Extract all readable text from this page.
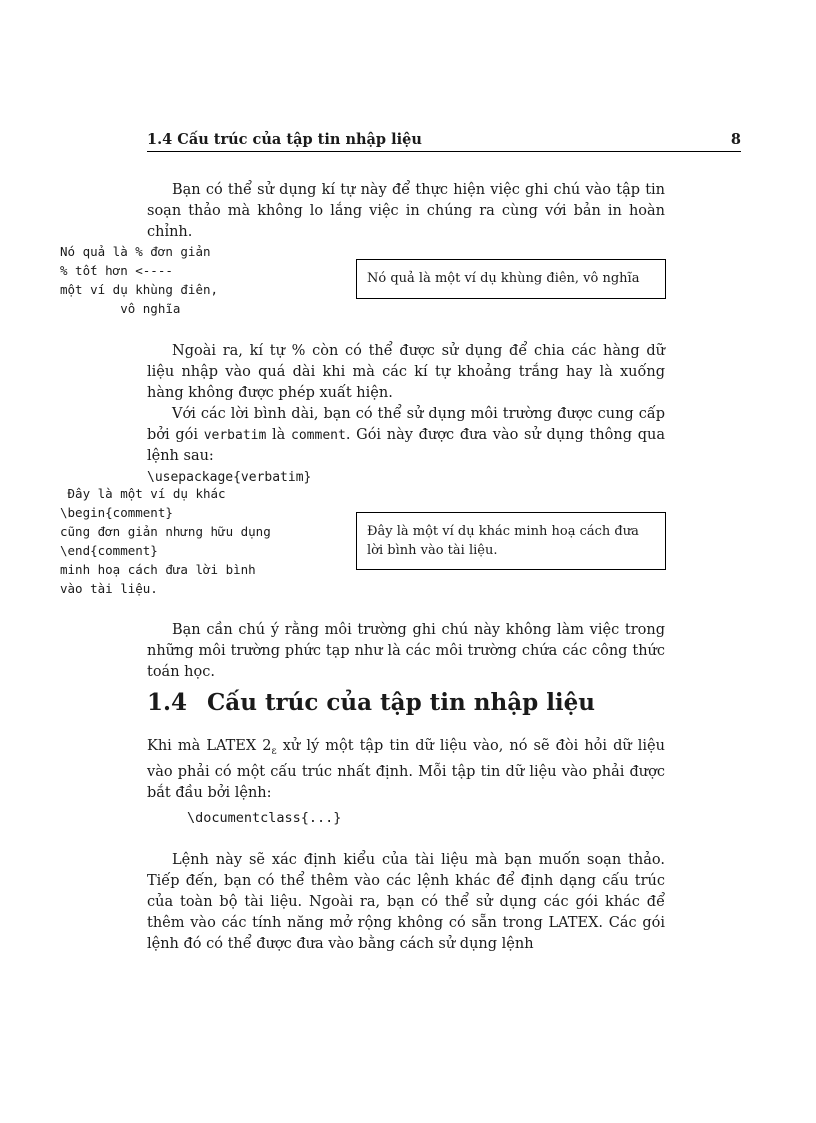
1.4 Cấu trúc của tập tin nhập liệu	8
Bạn có thể sử dụng kí tự này để thực hiện việc ghi chú vào tập tin soạn thảo mà không lo lắng việc in chúng ra cùng với bản in hoàn chỉnh.
Nó quả là % đơn giản
% tốt hơn <----
một ví dụ khùng điên,
vô nghĩa
Nó quả là một ví dụ khùng điên, vô nghĩa
Ngoài ra, kí tự % còn có thể được sử dụng để chia các hàng dữ liệu nhập vào quá dài khi mà các kí tự khoảng trắng hay là xuống hàng không được phép xuất hiện.
Với các lời bình dài, bạn có thể sử dụng môi trường được cung cấp bởi gói verbatim là comment. Gói này được đưa vào sử dụng thông qua lệnh sau:
\usepackage{verbatim}
Đây là một ví dụ khác
\begin{comment}
cũng đơn giản nhưng hữu dụng
\end{comment}
minh hoạ cách đưa lời bình
vào tài liệu.
Đây là một ví dụ khác minh hoạ cách đưa lời bình vào tài liệu.
Bạn cần chú ý rằng môi trường ghi chú này không làm việc trong những môi trường phức tạp như là các môi trường chứa các công thức toán học.
1.4 Cấu trúc của tập tin nhập liệu
Khi mà LATEX $2_\varepsilon$ xử lý một tập tin dữ liệu vào, nó sẽ đòi hỏi dữ liệu vào phải có một cấu trúc nhất định. Mỗi tập tin dữ liệu vào phải được bắt đầu bởi lệnh:
\documentclass{...}
Lệnh này sẽ xác định kiểu của tài liệu mà bạn muốn soạn thảo. Tiếp đến, bạn có thể thêm vào các lệnh khác để định dạng cấu trúc của toàn bộ tài liệu. Ngoài ra, bạn có thể sử dụng các gói khác để thêm vào các tính năng mở rộng không có sẵn trong LATEX. Các gói lệnh đó có thể được đưa vào bằng cách sử dụng lệnh
